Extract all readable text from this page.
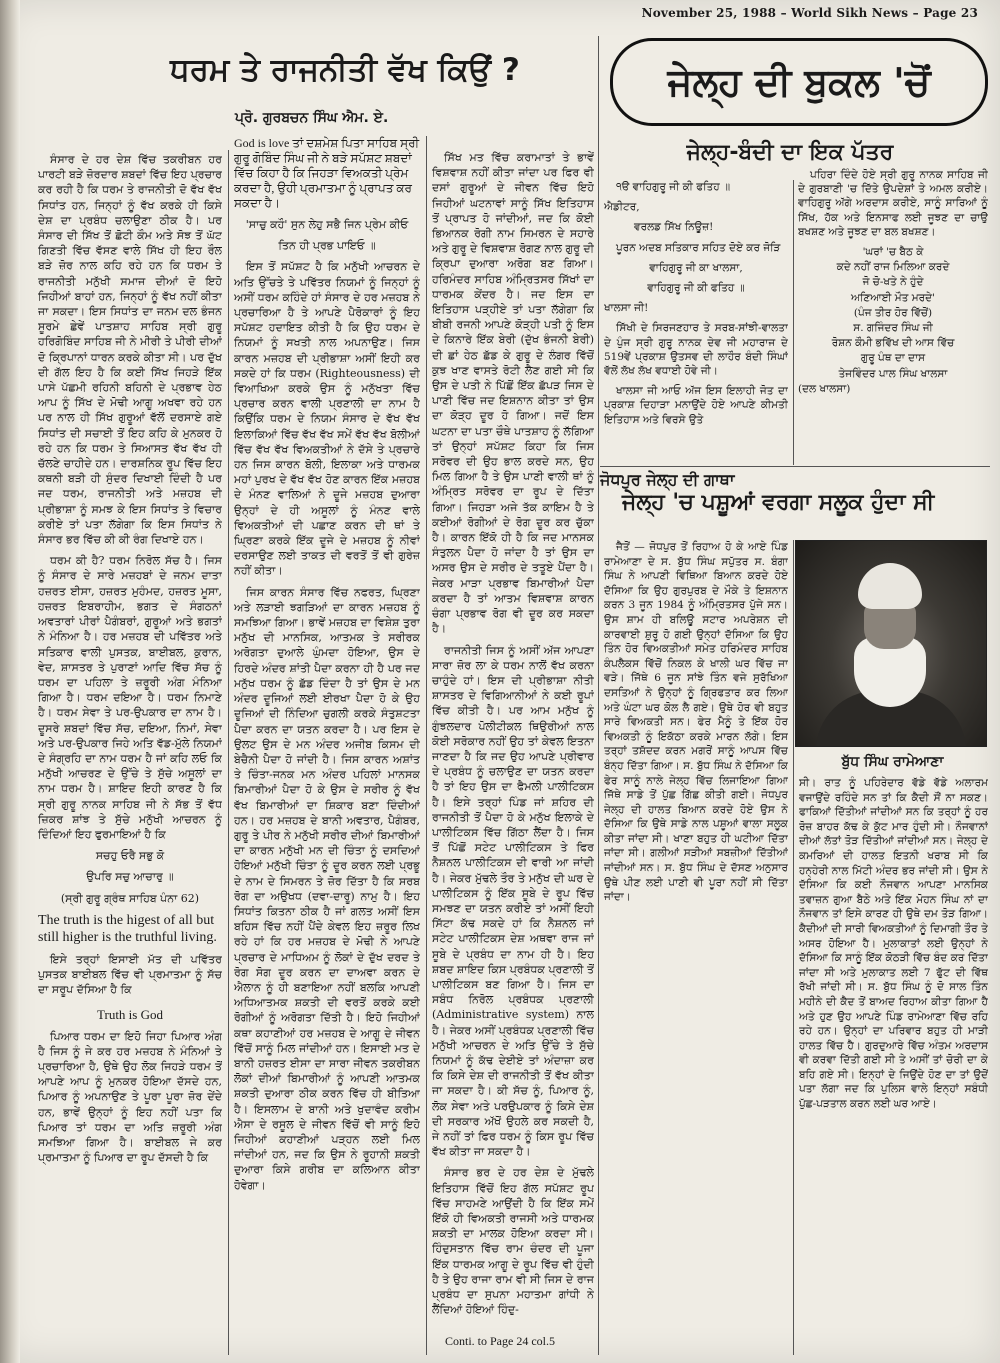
November 25, 1988 – World Sikh News – Page 23
ਧਰਮ ਤੇ ਰਾਜਨੀਤੀ ਵੱਖ ਕਿਉਂ ?
ਪ੍ਰੋ. ਗੁਰਬਚਨ ਸਿੰਘ ਐਮ. ਏ.

ਸੰਸਾਰ ਦੇ ਹਰ ਦੇਸ਼ ਵਿੱਚ ਤਕਰੀਬਨ ਹਰ ਪਾਰਟੀ ਬੜੇ ਜ਼ੋਰਦਾਰ ਸ਼ਬਦਾਂ ਵਿੱਚ ਇਹ ਪ੍ਰਚਾਰ ਕਰ ਰਹੀ ਹੈ ਕਿ ਧਰਮ ਤੇ ਰਾਜਨੀਤੀ ਦੋ ਵੱਖ ਵੱਖ ਸਿਧਾਂਤ ਹਨ, ਜਿਨ੍ਹਾਂ ਨੂੰ ਵੱਖ ਕਰਕੇ ਹੀ ਕਿਸੇ ਦੇਸ਼ ਦਾ ਪ੍ਰਬੰਧ ਚਲਾਉਣਾ ਠੀਕ ਹੈ। ਪਰ ਸੰਸਾਰ ਦੀ ਸਿੱਖ ਤੋਂ ਛੋਟੀ ਕੌਮ ਅਤੇ ਸੋਝ ਤੋਂ ਘੱਟ ਗਿਣਤੀ ਵਿੱਚ ਵੱਸਣ ਵਾਲੇ ਸਿੱਖ ਹੀ ਇਹ ਰੌਲ ਬੜੇ ਜ਼ੋਰ ਨਾਲ ਕਹਿ ਰਹੇ ਹਨ ਕਿ ਧਰਮ ਤੇ ਰਾਜਨੀਤੀ ਮਨੁੱਖੀ ਸਮਾਜ ਦੀਆਂ ਦੋ ਇਹੋ ਜਿਹੀਆਂ ਬਾਹਾਂ ਹਨ, ਜਿਨ੍ਹਾਂ ਨੂੰ ਵੱਖ ਨਹੀਂ ਕੀਤਾ ਜਾ ਸਕਦਾ। ਇਸ ਸਿਧਾਂਤ ਦਾ ਜਨਮ ਦਲ ਭੰਜਨ ਸੂਰਮੇ ਛੇਵੇਂ ਪਾਤਸ਼ਾਹ ਸਾਹਿਬ ਸ੍ਰੀ ਗੁਰੂ ਹਰਿਗੋਬਿੰਦ ਸਾਹਿਬ ਜੀ ਨੇ ਮੀਰੀ ਤੇ ਪੀਰੀ ਦੀਆਂ ਦੋ ਕ੍ਰਿਪਾਨਾਂ ਧਾਰਨ ਕਰਕੇ ਕੀਤਾ ਸੀ। ਪਰ ਦੁੱਖ ਦੀ ਗੱਲ ਇਹ ਹੈ ਕਿ ਕਈ ਸਿੱਖ ਜਿਹੜੇ ਇੱਕ ਪਾਸੇ ਪੱਛਮੀ ਰਹਿਨੀ ਬਹਿਨੀ ਦੇ ਪ੍ਰਭਾਵ ਹੇਠ ਆਪ ਨੂੰ ਸਿੱਖ ਦੇ ਮੋਢੀ ਆਗੂ ਅਖਵਾ ਰਹੇ ਹਨ ਪਰ ਨਾਲ ਹੀ ਸਿੱਖ ਗੁਰੂਆਂ ਵੱਲੋਂ ਦਰਸਾਏ ਗਏ ਸਿਧਾਂਤ ਦੀ ਸਚਾਈ ਤੋਂ ਇਹ ਕਹਿ ਕੇ ਮੁਨਕਰ ਹੋ ਰਹੇ ਹਨ ਕਿ ਧਰਮ ਤੇ ਸਿਆਸਤ ਵੱਖ ਵੱਖ ਹੀ ਚੱਲਣੇ ਚਾਹੀਦੇ ਹਨ। ਦਾਰਸ਼ਨਿਕ ਰੂਪ ਵਿੱਚ ਇਹ ਕਥਨੀ ਬੜੀ ਹੀ ਸੁੰਦਰ ਦਿਖਾਈ ਦਿੰਦੀ ਹੈ ਪਰ ਜਦ ਧਰਮ, ਰਾਜਨੀਤੀ ਅਤੇ ਮਜ਼ਹਬ ਦੀ ਪ੍ਰੀਭਾਸ਼ਾ ਨੂੰ ਸਮਝ ਕੇ ਇਸ ਸਿਧਾਂਤ ਤੇ ਵਿਚਾਰ ਕਰੀਏ ਤਾਂ ਪਤਾ ਲੱਗੇਗਾ ਕਿ ਇਸ ਸਿਧਾਂਤ ਨੇ ਸੰਸਾਰ ਭਰ ਵਿੱਚ ਕੀ ਕੀ ਰੰਗ ਦਿਖਾਏ ਹਨ।

ਧਰਮ ਕੀ ਹੈ? ਧਰਮ ਨਿਰੋਲ ਸੱਚ ਹੈ। ਜਿਸ ਨੂੰ ਸੰਸਾਰ ਦੇ ਸਾਰੇ ਮਜ਼ਹਬਾਂ ਦੇ ਜਨਮ ਦਾਤਾ ਹਜ਼ਰਤ ਈਸਾ, ਹਜ਼ਰਤ ਮੁਹੰਮਦ, ਹਜ਼ਰਤ ਮੂਸਾ, ਹਜ਼ਰਤ ਇਬਰਾਹੀਮ, ਭਗਤ ਦੇ ਸੰਗਠਨਾਂ ਅਵਤਾਰਾਂ ਪੀਰਾਂ ਪੈਗੰਬਰਾਂ, ਗੁਰੂਆਂ ਅਤੇ ਭਗਤਾਂ ਨੇ ਮੰਨਿਆ ਹੈ। ਹਰ ਮਜ਼ਹਬ ਦੀ ਪਵਿੱਤਰ ਅਤੇ ਸਤਿਕਾਰ ਵਾਲੀ ਪੁਸਤਕ, ਬਾਈਬਲ, ਕੁਰਾਨ, ਵੇਦ, ਸ਼ਾਸਤਰ ਤੇ ਪੁਰਾਣਾਂ ਆਦਿ ਵਿੱਚ ਸੱਚ ਨੂੰ ਧਰਮ ਦਾ ਪਹਿਲਾ ਤੇ ਜ਼ਰੂਰੀ ਅੰਗ ਮੰਨਿਆ ਗਿਆ ਹੈ। ਧਰਮ ਦਇਆ ਹੈ। ਧਰਮ ਨਿਮਾਣੇ ਹੈ। ਧਰਮ ਸੇਵਾ ਤੇ ਪਰ-ਉਪਕਾਰ ਦਾ ਨਾਮ ਹੈ। ਦੂਸਰੇ ਸ਼ਬਦਾਂ ਵਿੱਚ ਸੱਚ, ਦਇਆ, ਨਿਮਾਂ, ਸੇਵਾ ਅਤੇ ਪਰ-ਉਪਕਾਰ ਜਿਹੇ ਅਤਿ ਵੱਡ-ਮੁੱਲੇ ਨਿਯਮਾਂ ਦੇ ਸੰਗ੍ਰਹਿ ਦਾ ਨਾਮ ਧਰਮ ਹੈ ਜਾਂ ਕਹਿ ਲਓ ਕਿ ਮਨੁੱਖੀ ਆਚਰਣ ਦੇ ਉੱਚੇ ਤੇ ਸੁੱਚੇ ਅਸੂਲਾਂ ਦਾ ਨਾਮ ਧਰਮ ਹੈ। ਸ਼ਾਇਦ ਇਹੀ ਕਾਰਣ ਹੈ ਕਿ ਸ੍ਰੀ ਗੁਰੂ ਨਾਨਕ ਸਾਹਿਬ ਜੀ ਨੇ ਸੱਭ ਤੋਂ ਵੱਧ ਜ਼ਿਕਰ ਸ਼ਾਂਝ ਤੇ ਸੁੱਚੇ ਮਨੁੱਖੀ ਆਚਰਨ ਨੂੰ ਦਿੰਦਿਆਂ ਇਹ ਫੁਰਮਾਇਆਂ ਹੈ ਕਿ

ਸਚਹੁ ਓਰੈ ਸਭੁ ਕੋ

ਉਪਰਿ ਸਚੁ ਆਚਾਰੁ ॥

(ਸ੍ਰੀ ਗੁਰੂ ਗ੍ਰੰਥ ਸਾਹਿਬ ਪੰਨਾ 62)

The truth is the higest of all but still higher is the truthful living.

ਇਸੇ ਤਰ੍ਹਾਂ ਇਸਾਈ ਮੱਤ ਦੀ ਪਵਿੱਤਰ ਪੁਸਤਕ ਬਾਈਬਲ ਵਿੱਚ ਵੀ ਪ੍ਰਮਾਤਮਾ ਨੂੰ ਸੱਚ ਦਾ ਸਰੂਪ ਦੱਸਿਆ ਹੈ ਕਿ

Truth is God

ਪਿਆਰ ਧਰਮ ਦਾ ਇਹੋ ਜਿਹਾ ਪਿਆਰ ਅੰਗ ਹੈ ਜਿਸ ਨੂੰ ਜੇ ਕਰ ਹਰ ਮਜ਼ਹਬ ਨੇ ਮੰਨਿਆਂ ਤੇ ਪ੍ਰਚਾਰਿਆ ਹੈ, ਉਥੇ ਉਹ ਲੋਕ ਜਿਹੜੇ ਧਰਮ ਤੋਂ ਆਪਣੇ ਆਪ ਨੂੰ ਮੁਨਕਰ ਹੋਇਆ ਦੱਸਦੇ ਹਨ, ਪਿਆਰ ਨੂੰ ਅਪਨਾਉਣ ਤੇ ਪੂਰਾ ਪੂਰਾ ਜ਼ੋਰ ਦੇਂਦੇ ਹਨ, ਭਾਵੇਂ ਉਨ੍ਹਾਂ ਨੂੰ ਇਹ ਨਹੀਂ ਪਤਾ ਕਿ ਪਿਆਰ ਤਾਂ ਧਰਮ ਦਾ ਅਤਿ ਜ਼ਰੂਰੀ ਅੰਗ ਸਮਝਿਆ ਗਿਆ ਹੈ। ਬਾਈਬਲ ਜੇ ਕਰ ਪ੍ਰਮਾਤਮਾ ਨੂੰ ਪਿਆਰ ਦਾ ਰੂਪ ਦੱਸਦੀ ਹੈ ਕਿ

God is love ਤਾਂ ਦਸ਼ਮੇਸ਼ ਪਿਤਾ ਸਾਹਿਬ ਸ੍ਰੀ ਗੁਰੂ ਗੋਬਿੰਦ ਸਿੰਘ ਜੀ ਨੇ ਬੜੇ ਸਪੱਸ਼ਟ ਸ਼ਬਦਾਂ ਵਿੱਚ ਕਿਹਾ ਹੈ ਕਿ ਜਿਹੜਾ ਵਿਅਕਤੀ ਪ੍ਰੇਮ ਕਰਦਾ ਹੈ, ਉਹੀ ਪ੍ਰਮਾਤਮਾ ਨੂੰ ਪ੍ਰਾਪਤ ਕਰ ਸਕਦਾ ਹੈ।

'ਸਾਚੁ ਕਹੌ' ਸੁਨ ਲੇਹੁ ਸਭੈ ਜਿਨ ਪ੍ਰੇਮ ਕੀਓ

ਤਿਨ ਹੀ ਪ੍ਰਭ ਪਾਇਓ ॥

ਇਸ ਤੋਂ ਸਪੱਸ਼ਟ ਹੈ ਕਿ ਮਨੁੱਖੀ ਆਚਰਨ ਦੇ ਅਤਿ ਉੱਚਤੇ ਤੇ ਪਵਿੱਤਰ ਨਿਯਮਾਂ ਨੂੰ ਜਿਨ੍ਹਾਂ ਨੂੰ ਅਸੀਂ ਧਰਮ ਕਹਿੰਦੇ ਹਾਂ ਸੰਸਾਰ ਦੇ ਹਰ ਮਜ਼ਹਬ ਨੇ ਪ੍ਰਚਾਰਿਆ ਹੈ ਤੇ ਆਪਣੇ ਪੈਰੋਕਾਰਾਂ ਨੂੰ ਇਹ ਸਪੱਸ਼ਟ ਹਦਾਇਤ ਕੀਤੀ ਹੈ ਕਿ ਉਹ ਧਰਮ ਦੇ ਨਿਯਮਾਂ ਨੂੰ ਸਖਤੀ ਨਾਲ ਅਪਨਾਉਣ। ਜਿਸ ਕਾਰਨ ਮਜ਼ਹਬ ਦੀ ਪ੍ਰੀਭਾਸ਼ਾ ਅਸੀਂ ਇਹੀ ਕਰ ਸਕਦੇ ਹਾਂ ਕਿ ਧਰਮ (Righteousness) ਦੀ ਵਿਆਖਿਆ ਕਰਕੇ ਉਸ ਨੂੰ ਮਨੁੱਖਤਾ ਵਿੱਚ ਪ੍ਰਚਾਰ ਕਰਨ ਵਾਲੀ ਪ੍ਰਣਾਲੀ ਦਾ ਨਾਮ ਹੈ ਕਿਉਂਕਿ ਧਰਮ ਦੇ ਨਿਯਮ ਸੰਸਾਰ ਦੇ ਵੱਖ ਵੱਖ ਇਲਾਕਿਆਂ ਵਿੱਚ ਵੱਖ ਵੱਖ ਸਮੇਂ ਵੱਖ ਵੱਖ ਬੋਲੀਆਂ ਵਿੱਚ ਵੱਖ ਵੱਖ ਵਿਅਕਤੀਆਂ ਨੇ ਦੱਸੇ ਤੇ ਪ੍ਰਚਾਰੇ ਹਨ ਜਿਸ ਕਾਰਨ ਬੋਲੀ, ਇਲਾਕਾ ਅਤੇ ਧਾਰਮਕ ਮਹਾਂ ਪੁਰਖ ਦੇ ਵੱਖ ਵੱਖ ਹੋਣ ਕਾਰਨ ਇੱਕ ਮਜ਼ਹਬ ਦੇ ਮੰਨਣ ਵਾਲਿਆਂ ਨੇ ਦੂਜੇ ਮਜ਼ਹਬ ਦੁਆਰਾ ਉਨ੍ਹਾਂ ਦੇ ਹੀ ਅਸੂਲਾਂ ਨੂੰ ਮੰਨਣ ਵਾਲੇ ਵਿਅਕਤੀਆਂ ਦੀ ਪਛਾਣ ਕਰਨ ਦੀ ਥਾਂ ਤੇ ਘ੍ਰਿਣਾ ਕਰਕੇ ਇੱਕ ਦੂਜੇ ਦੇ ਮਜ਼ਹਬ ਨੂੰ ਨੀਵਾਂ ਦਰਸਾਉਣ ਲਈ ਤਾਕਤ ਦੀ ਵਰਤੋਂ ਤੋਂ ਵੀ ਗੁਰੇਜ਼ ਨਹੀਂ ਕੀਤਾ।

ਜਿਸ ਕਾਰਨ ਸੰਸਾਰ ਵਿੱਚ ਨਫਰਤ, ਘ੍ਰਿਣਾ ਅਤੇ ਲੜਾਈ ਝਗੜਿਆਂ ਦਾ ਕਾਰਨ ਮਜ਼ਹਬ ਨੂੰ ਸਮਝਿਆ ਗਿਆ। ਭਾਵੇਂ ਮਜ਼ਹਬ ਦਾ ਵਿਸ਼ੇਸ਼ ਤੁਰਾ ਮਨੁੱਖ ਦੀ ਮਾਨਸਿਕ, ਆਤਮਕ ਤੇ ਸਰੀਰਕ ਅਰੋਗਤਾ ਦੁਆਲੇ ਘੁੰਮਦਾ ਹੋਇਆ, ਉਸ ਦੇ ਹਿਰਦੇ ਅੰਦਰ ਸ਼ਾਂਤੀ ਪੈਦਾ ਕਰਨਾ ਹੀ ਹੈ ਪਰ ਜਦ ਮਨੁੱਖ ਧਰਮ ਨੂੰ ਛੱਡ ਦਿੰਦਾ ਹੈ ਤਾਂ ਉਸ ਦੇ ਮਨ ਅੰਦਰ ਦੂਜਿਆਂ ਲਈ ਈਰਖਾ ਪੈਦਾ ਹੋ ਕੇ ਉਹ ਦੂਜਿਆਂ ਦੀ ਨਿੰਦਿਆ ਚੁਗਲੀ ਕਰਕੇ ਸੰਤੁਸ਼ਟਤਾ ਪੈਦਾ ਕਰਨ ਦਾ ਯਤਨ ਕਰਦਾ ਹੈ। ਪਰ ਇਸ ਦੇ ਉਲਟ ਉਸ ਦੇ ਮਨ ਅੰਦਰ ਅਜੀਬ ਕਿਸਮ ਦੀ ਬੇਚੈਨੀ ਪੈਦਾ ਹੋ ਜਾਂਦੀ ਹੈ। ਜਿਸ ਕਾਰਨ ਅਸ਼ਾਂਤ ਤੇ ਚਿੰਤਾ-ਜਨਕ ਮਨ ਅੰਦਰ ਪਹਿਲਾਂ ਮਾਨਸਕ ਬਿਮਾਰੀਆਂ ਪੈਦਾ ਹੋ ਕੇ ਉਸ ਦੇ ਸਰੀਰ ਨੂੰ ਵੱਖ ਵੱਖ ਬਿਮਾਰੀਆਂ ਦਾ ਸ਼ਿਕਾਰ ਬਣਾ ਦਿੰਦੀਆਂ ਹਨ। ਹਰ ਮਜ਼ਹਬ ਦੇ ਬਾਨੀ ਅਵਤਾਰ, ਪੈਗੰਬਰ, ਗੁਰੂ ਤੇ ਪੀਰ ਨੇ ਮਨੁੱਖੀ ਸਰੀਰ ਦੀਆਂ ਬਿਮਾਰੀਆਂ ਦਾ ਕਾਰਨ ਮਨੁੱਖੀ ਮਨ ਦੀ ਚਿੰਤਾ ਨੂੰ ਦਸਦਿਆਂ ਹੋਇਆਂ ਮਨੁੱਖੀ ਚਿੰਤਾ ਨੂੰ ਦੂਰ ਕਰਨ ਲਈ ਪ੍ਰਭੂ ਦੇ ਨਾਮ ਦੇ ਸਿਮਰਨ ਤੇ ਜ਼ੋਰ ਦਿੱਤਾ ਹੈ ਕਿ ਸਰਬ ਰੋਗ ਦਾ ਅਉਖਧ (ਦਵਾ-ਦਾਰੂ) ਨਾਮੁ ਹੈ। ਇਹ ਸਿਧਾਂਤ ਕਿਤਨਾ ਠੀਕ ਹੈ ਜਾਂ ਗਲਤ ਅਸੀਂ ਇਸ ਬਹਿਸ ਵਿੱਚ ਨਹੀਂ ਪੈਂਦੇ ਕੇਵਲ ਇਹ ਜ਼ਰੂਰ ਲਿਖ ਰਹੇ ਹਾਂ ਕਿ ਹਰ ਮਜ਼ਹਬ ਦੇ ਮੋਢੀ ਨੇ ਆਪਣੇ ਪ੍ਰਚਾਰ ਦੇ ਮਾਧਿਅਮ ਨੂੰ ਲੋਕਾਂ ਦੇ ਦੁੱਖ ਦਰਦ ਤੇ ਰੋਗ ਸੋਗ ਦੂਰ ਕਰਨ ਦਾ ਦਾਅਵਾ ਕਰਨ ਦੇ ਐਲਾਨ ਨੂੰ ਹੀ ਬਣਾਇਆ ਨਹੀਂ ਬਲਕਿ ਆਪਣੀ ਅਧਿਆਤਮਕ ਸ਼ਕਤੀ ਦੀ ਵਰਤੋਂ ਕਰਕੇ ਕਈ ਰੋਗੀਆਂ ਨੂੰ ਅਰੋਗਤਾ ਦਿੱਤੀ ਹੈ। ਇਹੋ ਜਿਹੀਆਂ ਕਥਾ ਕਹਾਣੀਆਂ ਹਰ ਮਜ਼ਹਬ ਦੇ ਆਗੂ ਦੇ ਜੀਵਨ ਵਿੱਚੋਂ ਸਾਨੂੰ ਮਿਲ ਜਾਂਦੀਆਂ ਹਨ। ਇਸਾਈ ਮਤ ਦੇ ਬਾਨੀ ਹਜ਼ਰਤ ਈਸਾ ਦਾ ਸਾਰਾ ਜੀਵਨ ਤਕਰੀਬਨ ਲੋਕਾਂ ਦੀਆਂ ਬਿਮਾਰੀਆਂ ਨੂੰ ਆਪਣੀ ਆਤਮਕ ਸ਼ਕਤੀ ਦੁਆਰਾ ਠੀਕ ਕਰਨ ਵਿੱਚ ਹੀ ਬੀਤਿਆ ਹੈ। ਇਸਲਾਮ ਦੇ ਬਾਨੀ ਅਤੇ ਖੁਦਾਵੰਦ ਕਰੀਮ ਐਸਾ ਦੇ ਰਸੂਲ ਦੇ ਜੀਵਨ ਵਿੱਚੋਂ ਵੀ ਸਾਨੂੰ ਇਹੋ ਜਿਹੀਆਂ ਕਹਾਣੀਆਂ ਪੜ੍ਹਨ ਲਈ ਮਿਲ ਜਾਂਦੀਆਂ ਹਨ, ਜਦ ਕਿ ਉਸ ਨੇ ਰੂਹਾਨੀ ਸ਼ਕਤੀ ਦੁਆਰਾ ਕਿਸੇ ਗਰੀਬ ਦਾ ਕਲਿਆਨ ਕੀਤਾ ਹੋਵੇਗਾ।

ਸਿੱਖ ਮਤ ਵਿੱਚ ਕਰਾਮਾਤਾਂ ਤੇ ਭਾਵੇਂ ਵਿਸ਼ਵਾਸ਼ ਨਹੀਂ ਕੀਤਾ ਜਾਂਦਾ ਪਰ ਫਿਰ ਵੀ ਦਸਾਂ ਗੁਰੂਆਂ ਦੇ ਜੀਵਨ ਵਿੱਚ ਇਹੋ ਜਿਹੀਆਂ ਘਟਨਾਵਾਂ ਸਾਨੂੰ ਸਿੱਖ ਇਤਿਹਾਸ ਤੋਂ ਪ੍ਰਾਪਤ ਹੋ ਜਾਂਦੀਆਂ, ਜਦ ਕਿ ਕੋਈ ਭਿਆਨਕ ਰੋਗੀ ਨਾਮ ਸਿਮਰਨ ਦੇ ਸਹਾਰੇ ਅਤੇ ਗੁਰੂ ਦੇ ਵਿਸ਼ਵਾਸ਼ ਰੋਗਣ ਨਾਲ ਗੁਰੂ ਦੀ ਕ੍ਰਿਪਾ ਦੁਆਰਾ ਅਰੋਗ ਬਣ ਗਿਆ। ਹਰਿਮੰਦਰ ਸਾਹਿਬ ਅੰਮ੍ਰਿਤਸਰ ਸਿੱਖਾਂ ਦਾ ਧਾਰਮਕ ਕੇਂਦਰ ਹੈ। ਜਦ ਇਸ ਦਾ ਇਤਿਹਾਸ ਪੜ੍ਹੀਏ ਤਾਂ ਪਤਾ ਲੱਗੇਗਾ ਕਿ ਬੀਬੀ ਰਜਨੀ ਆਪਣੇ ਕੋੜ੍ਹੀ ਪਤੀ ਨੂੰ ਇਸ ਦੇ ਕਿਨਾਰੇ ਇੱਕ ਬੇਰੀ (ਦੁੱਖ ਭੰਜਨੀ ਬੇਰੀ) ਦੀ ਛਾਂ ਹੇਠ ਛੱਡ ਕੇ ਗੁਰੂ ਦੇ ਲੰਗਰ ਵਿੱਚੋਂ ਕੁਝ ਖਾਣ ਵਾਸਤੇ ਰੋਟੀ ਲੈਣ ਗਈ ਸੀ ਕਿ ਉਸ ਦੇ ਪਤੀ ਨੇ ਪਿੱਛੋਂ ਇੱਕ ਛੱਪੜ ਜਿਸ ਦੇ ਪਾਣੀ ਵਿੱਚ ਜਦ ਇਸ਼ਨਾਨ ਕੀਤਾ ਤਾਂ ਉਸ ਦਾ ਕੋੜ੍ਹ ਦੂਰ ਹੋ ਗਿਆ। ਜਦੋਂ ਇਸ ਘਟਨਾ ਦਾ ਪਤਾ ਚੌਥੇ ਪਾਤਸ਼ਾਹ ਨੂੰ ਲੱਗਿਆ ਤਾਂ ਉਨ੍ਹਾਂ ਸਪੱਸ਼ਟ ਕਿਹਾ ਕਿ ਜਿਸ ਸਰੋਵਰ ਦੀ ਉਹ ਭਾਲ ਕਰਦੇ ਸਨ, ਉਹ ਮਿਲ ਗਿਆ ਹੈ ਤੇ ਉਸ ਪਾਣੀ ਵਾਲੀ ਥਾਂ ਨੂੰ ਅੰਮ੍ਰਿਤ ਸਰੋਵਰ ਦਾ ਰੂਪ ਦੇ ਦਿੱਤਾ ਗਿਆ। ਜਿਹੜਾ ਅਜੇ ਤੱਕ ਕਾਇਮ ਹੈ ਤੇ ਕਈਆਂ ਰੋਗੀਆਂ ਦੇ ਰੋਗ ਦੂਰ ਕਰ ਚੁੱਕਾ ਹੈ। ਕਾਰਨ ਇੱਕੋ ਹੀ ਹੈ ਕਿ ਜਦ ਮਾਨਸਕ ਸੰਤੁਲਨ ਪੈਦਾ ਹੋ ਜਾਂਦਾ ਹੈ ਤਾਂ ਉਸ ਦਾ ਅਸਰ ਉਸ ਦੇ ਸਰੀਰ ਦੇ ਤਤੂਏ ਪੈਂਦਾ ਹੈ। ਜੇਕਰ ਮਾੜਾ ਪ੍ਰਭਾਵ ਬਿਮਾਰੀਆਂ ਪੈਦਾ ਕਰਦਾ ਹੈ ਤਾਂ ਆਤਮ ਵਿਸ਼ਵਾਸ਼ ਕਾਰਨ ਚੰਗਾ ਪ੍ਰਭਾਵ ਰੋਗ ਵੀ ਦੂਰ ਕਰ ਸਕਦਾ ਹੈ।

ਰਾਜਨੀਤੀ ਜਿਸ ਨੂੰ ਅਸੀਂ ਅੱਜ ਆਪਣਾ ਸਾਰਾ ਜ਼ੋਰ ਲਾ ਕੇ ਧਰਮ ਨਾਲੋਂ ਵੱਖ ਕਰਨਾ ਚਾਹੁੰਦੇ ਹਾਂ। ਇਸ ਦੀ ਪ੍ਰੀਭਾਸ਼ਾ ਨੀਤੀ ਸ਼ਾਸਤਰ ਦੇ ਵਿਗਿਆਨੀਆਂ ਨੇ ਕਈ ਰੂਪਾਂ ਵਿੱਚ ਕੀਤੀ ਹੈ। ਪਰ ਆਮ ਮਨੁੱਖ ਨੂੰ ਗੁੰਝਲਦਾਰ ਪੋਲੀਟੀਕਲ ਥਿਉਰੀਆਂ ਨਾਲ ਕੋਈ ਸਰੋਕਾਰ ਨਹੀਂ ਉਹ ਤਾਂ ਕੇਵਲ ਇਤਨਾ ਜਾਣਦਾ ਹੈ ਕਿ ਜਦ ਉਹ ਆਪਣੇ ਪ੍ਰੀਵਾਰ ਦੇ ਪ੍ਰਬੰਧ ਨੂੰ ਚਲਾਉਣ ਦਾ ਯਤਨ ਕਰਦਾ ਹੈ ਤਾਂ ਇਹ ਉਸ ਦਾ ਫੈਮਲੀ ਪਾਲੀਟਿਕਸ ਹੈ। ਇਸੇ ਤਰ੍ਹਾਂ ਪਿੰਡ ਜਾਂ ਸ਼ਹਿਰ ਦੀ ਰਾਜਨੀਤੀ ਤੋਂ ਪੈਦਾ ਹੋ ਕੇ ਮਨੁੱਖ ਇਲਾਕੇ ਦੇ ਪਾਲੀਟਿਕਸ ਵਿੱਚ ਗਿੱਠਾ ਲੈਂਦਾ ਹੈ। ਜਿਸ ਤੋਂ ਪਿੱਛੋਂ ਸਟੇਟ ਪਾਲੀਟਿਕਸ ਤੇ ਫਿਰ ਨੈਸ਼ਨਲ ਪਾਲੀਟਿਕਸ ਦੀ ਵਾਰੀ ਆ ਜਾਂਦੀ ਹੈ। ਜੇਕਰ ਮੁੱਢਲੇ ਤੌਰ ਤੇ ਮਨੁੱਖ ਦੀ ਘਰ ਦੇ ਪਾਲੀਟਿਕਸ ਨੂੰ ਇੱਕ ਸੂਬੇ ਦੇ ਰੂਪ ਵਿੱਚ ਸਮਝਣ ਦਾ ਯਤਨ ਕਰੀਏ ਤਾਂ ਅਸੀਂ ਇਹੀ ਸਿੱਟਾ ਕੱਢ ਸਕਦੇ ਹਾਂ ਕਿ ਨੈਸ਼ਨਲ ਜਾਂ ਸਟੇਟ ਪਾਲੀਟਿਕਸ ਦੇਸ਼ ਅਥਵਾ ਰਾਜ ਜਾਂ ਸੂਬੇ ਦੇ ਪ੍ਰਬੰਧ ਦਾ ਨਾਮ ਹੀ ਹੈ। ਇਹ ਸ਼ਬਦ ਸ਼ਾਇਦ ਕਿਸ ਪ੍ਰਬੰਧਕ ਪ੍ਰਣਾਲੀ ਤੋਂ ਪਾਲੀਟਿਕਸ ਬਣ ਗਿਆ ਹੈ। ਜਿਸ ਦਾ ਸਬੰਧ ਨਿਰੋਲ ਪ੍ਰਬੰਧਕ ਪ੍ਰਣਾਲੀ (Administrative system) ਨਾਲ ਹੈ। ਜੇਕਰ ਅਸੀਂ ਪ੍ਰਬੰਧਕ ਪ੍ਰਣਾਲੀ ਵਿੱਚ ਮਨੁੱਖੀ ਆਚਰਨ ਦੇ ਅਤਿ ਉੱਚੇ ਤੇ ਸੁੱਚੇ ਨਿਯਮਾਂ ਨੂੰ ਕੱਢ ਦੇਈਏ ਤਾਂ ਅੰਦਾਜ਼ਾ ਕਰ ਕਿ ਕਿਸੇ ਦੇਸ਼ ਦੀ ਰਾਜਨੀਤੀ ਤੋਂ ਵੱਖ ਕੀਤਾ ਜਾ ਸਕਦਾ ਹੈ। ਕੀ ਸੱਚ ਨੂੰ, ਪਿਆਰ ਨੂੰ, ਲੋਕ ਸੇਵਾ ਅਤੇ ਪਰਉਪਕਾਰ ਨੂੰ ਕਿਸੇ ਦੇਸ਼ ਦੀ ਸਰਕਾਰ ਅੱਖੋਂ ਉਹਲੇ ਕਰ ਸਕਦੀ ਹੈ, ਜੇ ਨਹੀਂ ਤਾਂ ਫਿਰ ਧਰਮ ਨੂੰ ਕਿਸ ਰੂਪ ਵਿੱਚ ਵੱਖ ਕੀਤਾ ਜਾ ਸਕਦਾ ਹੈ।

ਸੰਸਾਰ ਭਰ ਦੇ ਹਰ ਦੇਸ਼ ਦੇ ਮੁੱਢਲੇ ਇਤਿਹਾਸ ਵਿੱਚੋਂ ਇਹ ਗੱਲ ਸਪੱਸ਼ਟ ਰੂਪ ਵਿੱਚ ਸਾਹਮਣੇ ਆਉਂਦੀ ਹੈ ਕਿ ਇੱਕ ਸਮੇਂ ਇੱਕੋ ਹੀ ਵਿਅਕਤੀ ਰਾਜਸੀ ਅਤੇ ਧਾਰਮਕ ਸ਼ਕਤੀ ਦਾ ਮਾਲਕ ਹੋਇਆ ਕਰਦਾ ਸੀ। ਹਿੰਦੁਸਤਾਨ ਵਿੱਚ ਰਾਮ ਚੰਦਰ ਦੀ ਪੂਜਾ ਇੱਕ ਧਾਰਮਕ ਆਗੂ ਦੇ ਰੂਪ ਵਿੱਚ ਵੀ ਹੁੰਦੀ ਹੈ ਤੇ ਉਹ ਰਾਜਾ ਰਾਮ ਵੀ ਸੀ ਜਿਸ ਦੇ ਰਾਜ ਪ੍ਰਬੰਧ ਦਾ ਸੁਪਨਾ ਮਹਾਤਮਾ ਗਾਂਧੀ ਨੇ ਲੈਂਦਿਆਂ ਹੋਇਆਂ ਹਿੰਦੁ-

Conti. to Page 24 col.5
ਜੇਲ੍ਹ ਦੀ ਬੁਕਲ 'ਚੋਂ
ਜੇਲ੍ਹ-ਬੰਦੀ ਦਾ ਇਕ ਪੱਤਰ

੧ੳ ਵਾਹਿਗੁਰੂ ਜੀ ਕੀ ਫਤਿਹ ॥

ਐਡੀਟਰ,

ਵਰਲਡ ਸਿੱਖ ਨਿਊਜ਼!

ਪੂਰਨ ਅਦਬ ਸਤਿਕਾਰ ਸਹਿਤ ਦੋਏ ਕਰ ਜੋੜਿ

ਵਾਹਿਗੁਰੂ ਜੀ ਕਾ ਖਾਲਸਾ,

ਵਾਹਿਗੁਰੂ ਜੀ ਕੀ ਫਤਿਹ ॥

ਖਾਲਸਾ ਜੀ!

ਸਿੱਖੀ ਦੇ ਸਿਰਜਣਹਾਰ ਤੇ ਸਰਬ-ਸਾਂਝੀ-ਵਾਲਤਾ ਦੇ ਪੁੰਜ ਸ੍ਰੀ ਗੁਰੂ ਨਾਨਕ ਦੇਵ ਜੀ ਮਹਾਰਾਜ ਦੇ 519ਵੇਂ ਪ੍ਰਕਾਸ਼ ਉਤਸਵ ਦੀ ਲਾਹੌਰ ਬੰਦੀ ਸਿੰਘਾਂ ਵੱਲੋਂ ਲੱਖ ਲੱਖ ਵਧਾਈ ਹੋਵੇ ਜੀ।

ਖਾਲਸਾ ਜੀ ਆਓ ਅੱਜ ਇਸ ਇਲਾਹੀ ਜੋਤ ਦਾ ਪ੍ਰਕਾਸ਼ ਦਿਹਾੜਾ ਮਨਾਉਂਦੇ ਹੋਏ ਆਪਣੇ ਕੀਮਤੀ ਇਤਿਹਾਸ ਅਤੇ ਵਿਰਸੇ ਉਤੇ

ਪਹਿਰਾ ਦਿੰਦੇ ਹੋਏ ਸ੍ਰੀ ਗੁਰੂ ਨਾਨਕ ਸਾਹਿਬ ਜੀ ਦੇ ਗੁਰਬਾਣੀ 'ਚ ਦਿੱਤੇ ਉਪਦੇਸ਼ਾਂ ਤੇ ਅਮਲ ਕਰੀਏ। ਵਾਹਿਗੁਰੂ ਅੱਗੇ ਅਰਦਾਸ ਕਰੀਏ, ਸਾਨੂੰ ਸਾਰਿਆਂ ਨੂੰ ਸਿੱਖ, ਹੱਕ ਅਤੇ ਇਨਸਾਫ ਲਈ ਜੂਝਣ ਦਾ ਚਾਉ ਬਖਸ਼ਣ ਅਤੇ ਜੂਝਣ ਦਾ ਬਲ ਬਖਸ਼ਣ।

'ਘਰਾਂ 'ਚ ਬੈਠ ਕੇ

ਕਦੇ ਨਹੀਂ ਰਾਜ ਮਿਲਿਆ ਕਰਦੇ

ਜੋ ਚੋ-ਖਤੇ ਨੇ ਹੁੰਦੇ

ਅਣਿਆਈ ਮੌਤ ਮਰਦੇ'

(ਪੰਜ ਤੀਰ ਹੋਰ ਵਿੱਚੋਂ)

ਸ. ਗਜਿੰਦਰ ਸਿੰਘ ਜੀ

ਰੋਸ਼ਨ ਕੌਮੀ ਭਵਿੱਖ ਦੀ ਆਸ ਵਿੱਚ

ਗੁਰੂ ਪੰਥ ਦਾ ਦਾਸ

ਤੇਜਵਿੰਦਰ ਪਾਲ ਸਿੰਘ ਖਾਲਸਾ

(ਦਲ ਖਾਲਸਾ)

ਜੋਧਪੁਰ ਜੇਲ੍ਹ ਦੀ ਗਾਥਾ
ਜੇਲ੍ਹ 'ਚ ਪਸ਼ੂਆਂ ਵਰਗਾ ਸਲੂਕ ਹੁੰਦਾ ਸੀ

ਜੈਤੋਂ — ਜੋਧਪੁਰ ਤੋਂ ਰਿਹਾਅ ਹੋ ਕੇ ਆਏ ਪਿੰਡ ਰਾਮੇਆਣਾ ਦੇ ਸ. ਬੁੱਧ ਸਿੰਘ ਸਪੁੱਤਰ ਸ. ਬੰਗਾ ਸਿੰਘ ਨੇ ਆਪਣੀ ਵਿਥਿਆ ਬਿਆਨ ਕਰਦੇ ਹੋਏ ਦੱਸਿਆ ਕਿ ਉਹ ਗੁਰਪੁਰਬ ਦੇ ਮੌਕੇ ਤੇ ਇਸ਼ਨਾਨ ਕਰਨ 3 ਜੂਨ 1984 ਨੂੰ ਅੰਮ੍ਰਿਤਸਰ ਪੁੱਜੇ ਸਨ। ਉਸ ਸ਼ਾਮ ਹੀ ਬਲਿਊ ਸਟਾਰ ਅਪਰੇਸ਼ਨ ਦੀ ਕਾਰਵਾਈ ਸ਼ੁਰੂ ਹੋ ਗਈ ਉਨ੍ਹਾਂ ਦੱਸਿਆ ਕਿ ਉਹ ਤਿੰਨ ਹੋਰ ਵਿਅਕਤੀਆਂ ਸਮੇਤ ਹਰਿਮੰਦਰ ਸਾਹਿਬ ਕੰਪਲੈਕਸ ਵਿੱਚੋਂ ਨਿਕਲ ਕੇ ਖਾਲੀ ਘਰ ਵਿੱਚ ਜਾ ਵੜੇ। ਜਿੱਥੇ 6 ਜੂਨ ਸਾਂਝੇ ਤਿੰਨ ਵਜੇ ਸੁਰੱਖਿਆ ਦਸਤਿਆਂ ਨੇ ਉਨ੍ਹਾਂ ਨੂੰ ਗ੍ਰਿਫਤਾਰ ਕਰ ਲਿਆ ਅਤੇ ਘੰਟਾ ਘਰ ਕੋਲ ਲੈ ਗਏ। ਉਥੇ ਹੋਰ ਵੀ ਬਹੁਤ ਸਾਰੇ ਵਿਅਕਤੀ ਸਨ। ਫੇਰ ਮੈਨੂੰ ਤੇ ਇੱਕ ਹੋਰ ਵਿਅਕਤੀ ਨੂੰ ਇਕੱਠਾ ਕਰਕੇ ਮਾਰਨ ਲੱਗੇ। ਇਸ ਤਰ੍ਹਾਂ ਤਸ਼ੱਦਦ ਕਰਨ ਮਗਰੋਂ ਸਾਨੂੰ ਆਪਸ ਵਿੱਚ ਬੰਨ੍ਹ ਦਿੱਤਾ ਗਿਆ। ਸ. ਬੁੱਧ ਸਿੰਘ ਨੇ ਦੱਸਿਆ ਕਿ ਫੇਰ ਸਾਨੂੰ ਨਾਲੇ ਜੇਲ੍ਹ ਵਿੱਚ ਲਿਜਾਇਆ ਗਿਆ ਜਿੱਥੇ ਸਾਡੇ ਤੋਂ ਪੁੱਛ ਗਿੱਛ ਕੀਤੀ ਗਈ। ਜੋਧਪੁਰ ਜੇਲ੍ਹ ਦੀ ਹਾਲਤ ਬਿਆਨ ਕਰਦੇ ਹੋਏ ਉਸ ਨੇ ਦੱਸਿਆ ਕਿ ਉਥੇ ਸਾਡੇ ਨਾਲ ਪਸ਼ੂਆਂ ਵਾਲਾ ਸਲੂਕ ਕੀਤਾ ਜਾਂਦਾ ਸੀ। ਖਾਣਾ ਬਹੁਤ ਹੀ ਘਟੀਆ ਦਿੱਤਾ ਜਾਂਦਾ ਸੀ। ਗਲੀਆਂ ਸੜੀਆਂ ਸਬਜ਼ੀਆਂ ਦਿੱਤੀਆਂ ਜਾਂਦੀਆਂ ਸਨ। ਸ. ਬੁੱਧ ਸਿੰਘ ਦੇ ਦੱਸਣ ਅਨੁਸਾਰ ਉਥੇ ਪੀਣ ਲਈ ਪਾਣੀ ਵੀ ਪੂਰਾ ਨਹੀਂ ਸੀ ਦਿੱਤਾ ਜਾਂਦਾ।

ਬੁੱਧ ਸਿੰਘ ਰਾਮੇਆਣਾ

ਸੀ। ਰਾਤ ਨੂੰ ਪਹਿਰੇਦਾਰ ਵੱਡੇ ਵੱਡੇ ਅਲਾਰਮ ਵਜਾਉਂਦੇ ਰਹਿੰਦੇ ਸਨ ਤਾਂ ਕਿ ਕੈਦੀ ਸੌਂ ਨਾ ਸਕਣ। ਫਾਕਿਆਂ ਦਿੱਤੀਆਂ ਜਾਂਦੀਆਂ ਸਨ ਕਿ ਤਰ੍ਹਾਂ ਨੂੰ ਹਰ ਰੋਜ਼ ਬਾਹਰ ਕੱਢ ਕੇ ਕੁੱਟ ਮਾਰ ਹੁੰਦੀ ਸੀ। ਨੌਜਵਾਨਾਂ ਦੀਆਂ ਲੱਤਾਂ ਤੋੜ ਦਿੱਤੀਆਂ ਜਾਂਦੀਆਂ ਸਨ। ਜੇਲ੍ਹ ਦੇ ਕਮਰਿਆਂ ਦੀ ਹਾਲਤ ਇਤਨੀ ਖਰਾਬ ਸੀ ਕਿ ਹਨ੍ਹੇਰੀ ਨਾਲ ਮਿੱਟੀ ਅੰਦਰ ਭਰ ਜਾਂਦੀ ਸੀ। ਉਸ ਨੇ ਦੱਸਿਆ ਕਿ ਕਈ ਨੌਜਵਾਨ ਆਪਣਾ ਮਾਨਸਿਕ ਤਵਾਜ਼ਨ ਗੁਆ ਬੈਠੇ ਅਤੇ ਇੱਕ ਮੋਹਨ ਸਿੰਘ ਨਾਂ ਦਾ ਨੌਜਵਾਨ ਤਾਂ ਇਸੇ ਕਾਰਣ ਹੀ ਉਥੇ ਦਮ ਤੋੜ ਗਿਆ। ਕੈਦੀਆਂ ਦੀ ਸਾਰੀ ਵਿਅਕਤੀਆਂ ਨੂੰ ਦਿਮਾਗੀ ਤੌਰ ਤੇ ਅਸਰ ਹੋਇਆ ਹੈ। ਮੁਲਾਕਾਤਾਂ ਲਈ ਉਨ੍ਹਾਂ ਨੇ ਦੱਸਿਆ ਕਿ ਸਾਨੂੰ ਇੱਕ ਕੋਠੜੀ ਵਿੱਚ ਬੰਦ ਕਰ ਦਿੱਤਾ ਜਾਂਦਾ ਸੀ ਅਤੇ ਮੁਲਾਕਾਤ ਲਈ 7 ਫੁੱਟ ਦੀ ਵਿੱਥ ਰੱਖੀ ਜਾਂਦੀ ਸੀ। ਸ. ਬੁੱਧ ਸਿੰਘ ਨੂੰ ਦੋ ਸਾਲ ਤਿੰਨ ਮਹੀਨੇ ਦੀ ਕੈਦ ਤੋਂ ਬਾਅਦ ਰਿਹਾਅ ਕੀਤਾ ਗਿਆ ਹੈ ਅਤੇ ਹੁਣ ਉਹ ਆਪਣੇ ਪਿੰਡ ਰਾਮੇਆਣਾ ਵਿੱਚ ਰਹਿ ਰਹੇ ਹਨ। ਉਨ੍ਹਾਂ ਦਾ ਪਰਿਵਾਰ ਬਹੁਤ ਹੀ ਮਾੜੀ ਹਾਲਤ ਵਿੱਚ ਹੈ। ਗੁਰਦੁਆਰੇ ਵਿੱਚ ਅੰਤਮ ਅਰਦਾਸ ਵੀ ਕਰਵਾ ਦਿੱਤੀ ਗਈ ਸੀ ਤੇ ਅਸੀਂ ਤਾਂ ਚੋਰੀ ਦਾ ਕੇ ਬਹਿ ਗਏ ਸੀ। ਇਨ੍ਹਾਂ ਦੇ ਜਿਉਂਦੇ ਹੋਣ ਦਾ ਤਾਂ ਉਦੋਂ ਪਤਾ ਲੱਗਾ ਜਦ ਕਿ ਪੁਲਿਸ ਵਾਲੇ ਇਨ੍ਹਾਂ ਸਬੰਧੀ ਪੁੱਛ-ਪੜਤਾਲ ਕਰਨ ਲਈ ਘਰ ਆਏ।
